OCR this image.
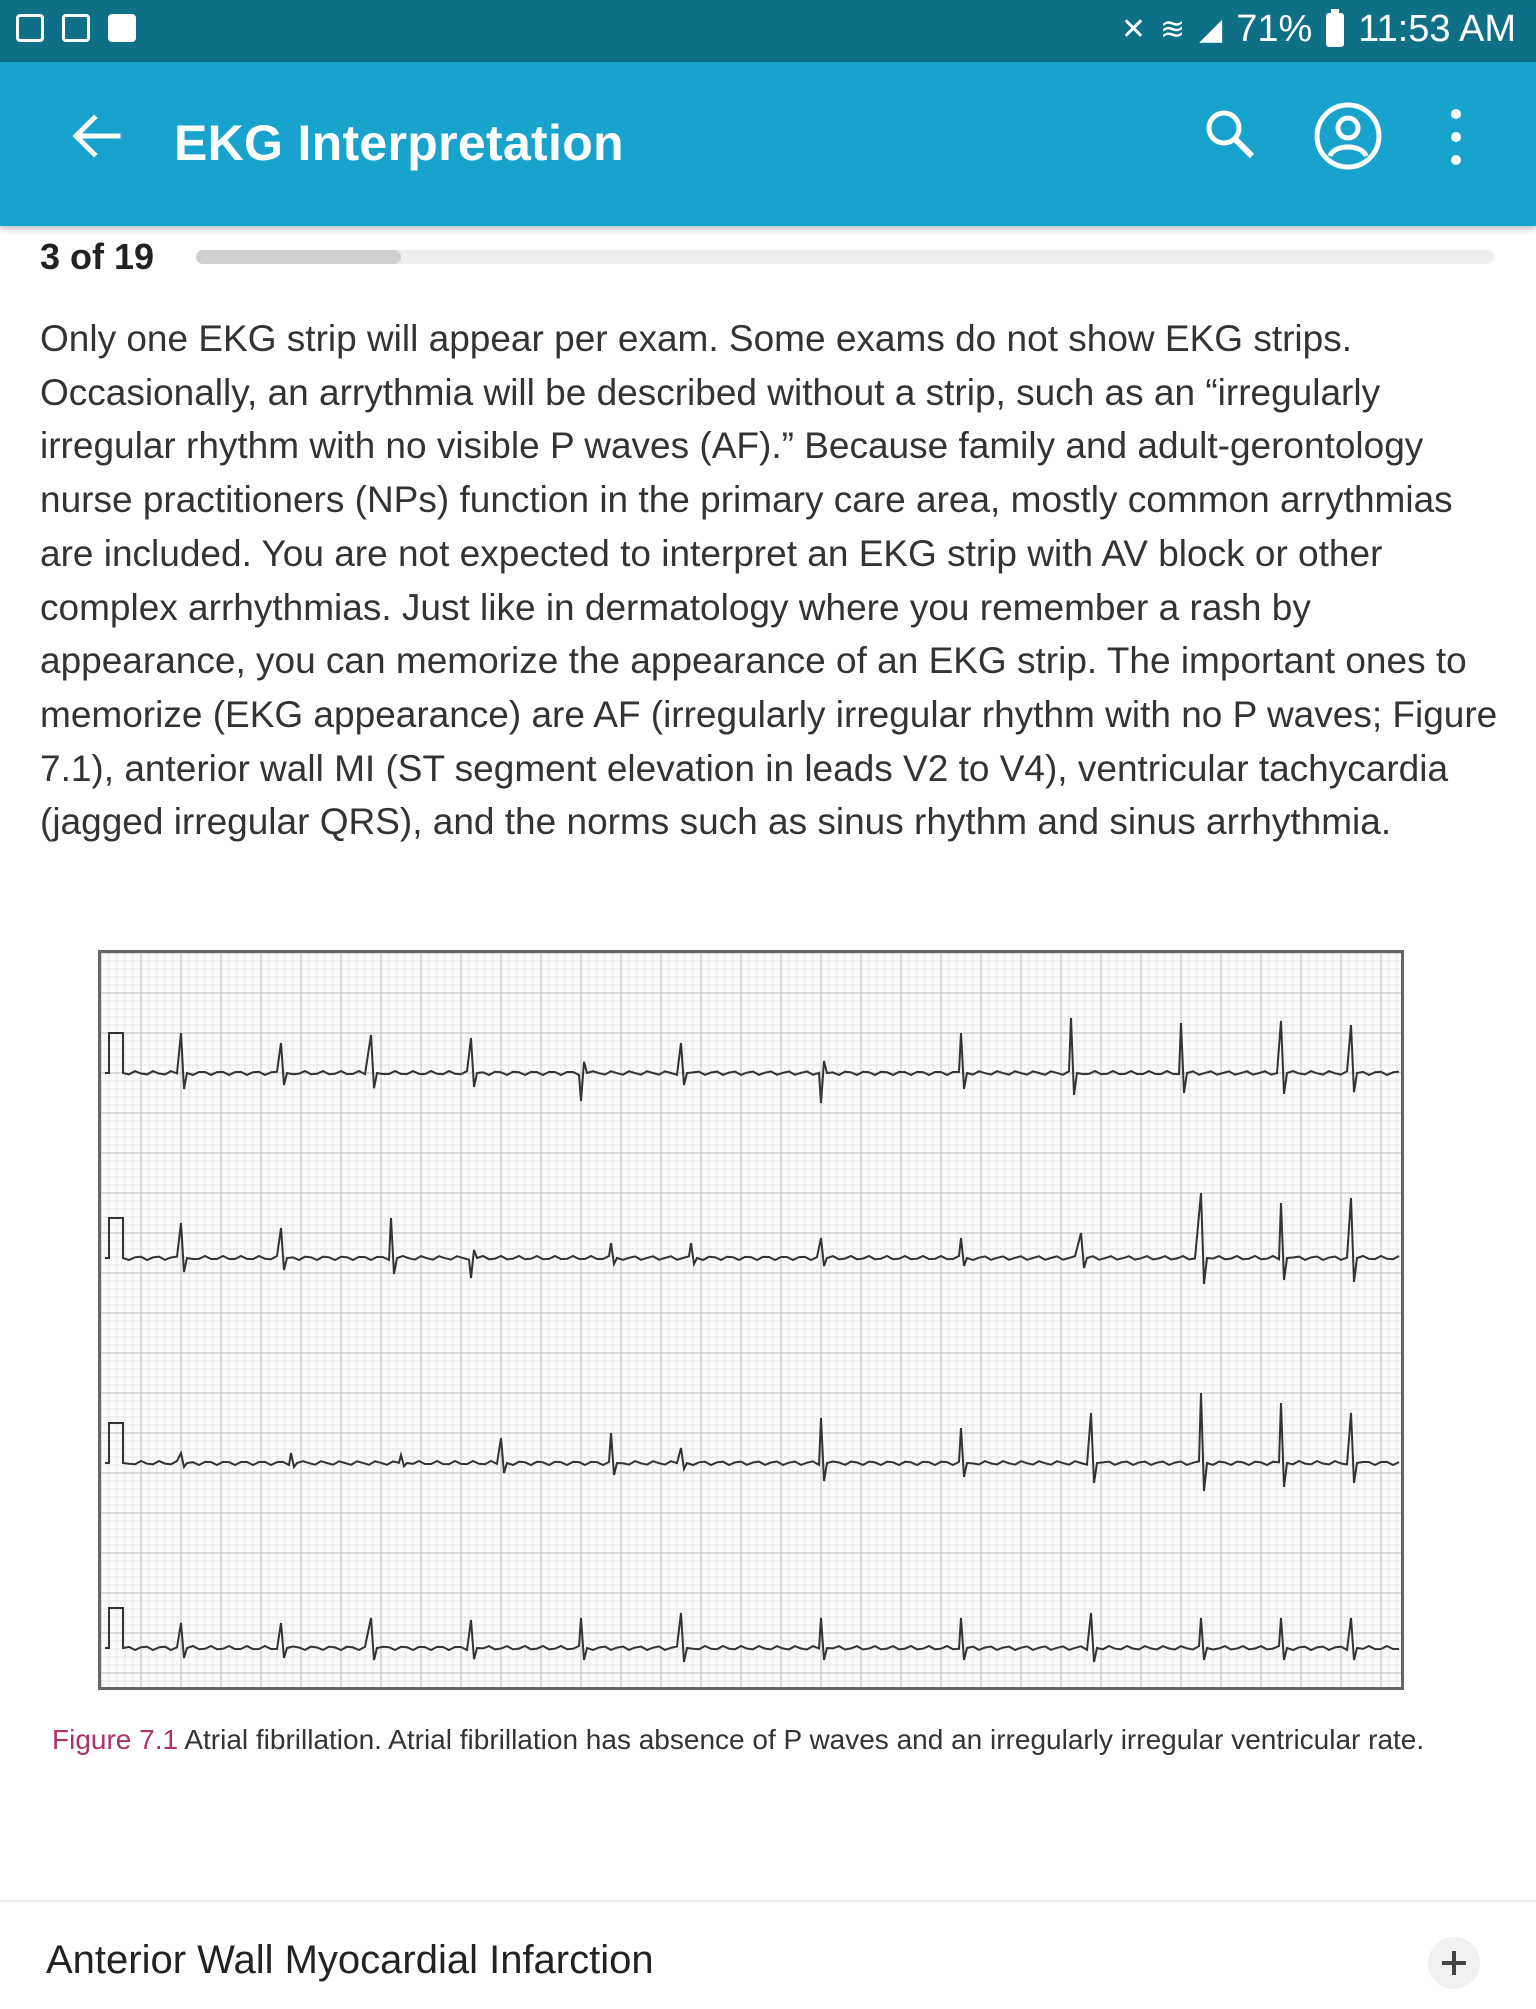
✕ ≋ ◢ 71% 11:53 AM
EKG Interpretation
3 of 19
Only one EKG strip will appear per exam. Some exams do not show EKG strips. Occasionally, an arrythmia will be described without a strip, such as an “irregularly irregular rhythm with no visible P waves (AF).” Because family and adult-gerontology nurse practitioners (NPs) function in the primary care area, mostly common arrythmias are included. You are not expected to interpret an EKG strip with AV block or other complex arrhythmias. Just like in dermatology where you remember a rash by appearance, you can memorize the appearance of an EKG strip. The important ones to memorize (EKG appearance) are AF (irregularly irregular rhythm with no P waves; Figure 7.1), anterior wall MI (ST segment elevation in leads V2 to V4), ventricular tachycardia (jagged irregular QRS), and the norms such as sinus rhythm and sinus arrhythmia.
Figure 7.1 Atrial fibrillation. Atrial fibrillation has absence of P waves and an irregularly irregular ventricular rate.
Anterior Wall Myocardial Infarction
